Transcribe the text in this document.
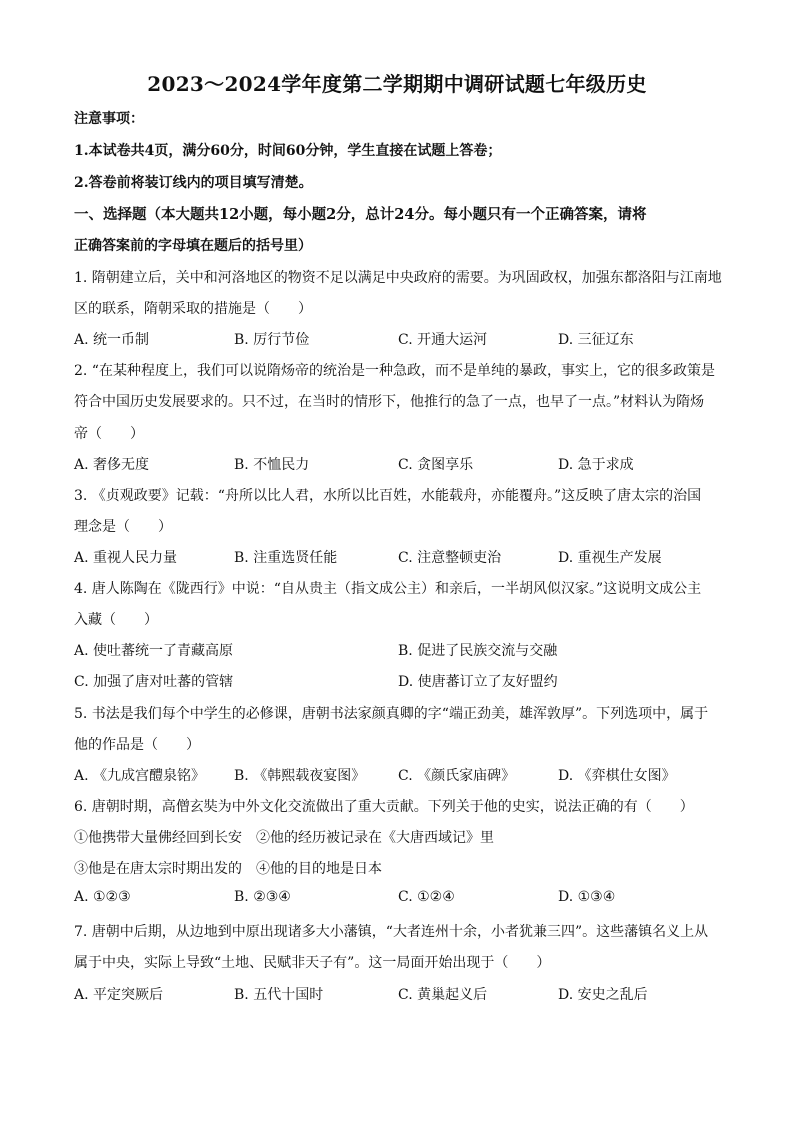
2023～2024学年度第二学期期中调研试题七年级历史
注意事项：
1.本试卷共4页，满分60分，时间60分钟，学生直接在试题上答卷；
2.答卷前将装订线内的项目填写清楚。
一、选择题（本大题共12小题，每小题2分，总计24分。每小题只有一个正确答案，请将
正确答案前的字母填在题后的括号里）
1. 隋朝建立后，关中和河洛地区的物资不足以满足中央政府的需要。为巩固政权，加强东都洛阳与江南地
区的联系，隋朝采取的措施是（　　）
A. 统一币制	B. 厉行节俭	C. 开通大运河	D. 三征辽东
2. “在某种程度上，我们可以说隋炀帝的统治是一种急政，而不是单纯的暴政，事实上，它的很多政策是
符合中国历史发展要求的。只不过，在当时的情形下，他推行的急了一点，也早了一点。”材料认为隋炀
帝（　　）
A. 奢侈无度	B. 不恤民力	C. 贪图享乐	D. 急于求成
3. 《贞观政要》记载：“舟所以比人君，水所以比百姓，水能载舟，亦能覆舟。”这反映了唐太宗的治国
理念是（　　）
A. 重视人民力量	B. 注重选贤任能	C. 注意整顿吏治	D. 重视生产发展
4. 唐人陈陶在《陇西行》中说：“自从贵主（指文成公主）和亲后，一半胡风似汉家。”这说明文成公主
入藏（　　）
A. 使吐蕃统一了青藏高原	B. 促进了民族交流与交融
C. 加强了唐对吐蕃的管辖	D. 使唐蕃订立了友好盟约
5. 书法是我们每个中学生的必修课，唐朝书法家颜真卿的字“端正劲美，雄浑敦厚”。下列选项中，属于
他的作品是（　　）
A. 《九成宫醴泉铭》 B. 《韩熙载夜宴图》 C. 《颜氏家庙碑》	D. 《弈棋仕女图》
6. 唐朝时期，高僧玄奘为中外文化交流做出了重大贡献。下列关于他的史实，说法正确的有（　　）
①他携带大量佛经回到长安　②他的经历被记录在《大唐西域记》里
③他是在唐太宗时期出发的　④他的目的地是日本
A. ①②③	B. ②③④	C. ①②④	D. ①③④
7. 唐朝中后期，从边地到中原出现诸多大小藩镇，“大者连州十余，小者犹兼三四”。这些藩镇名义上从
属于中央，实际上导致“土地、民赋非天子有”。这一局面开始出现于（　　）
A. 平定突厥后	B. 五代十国时	C. 黄巢起义后	D. 安史之乱后
